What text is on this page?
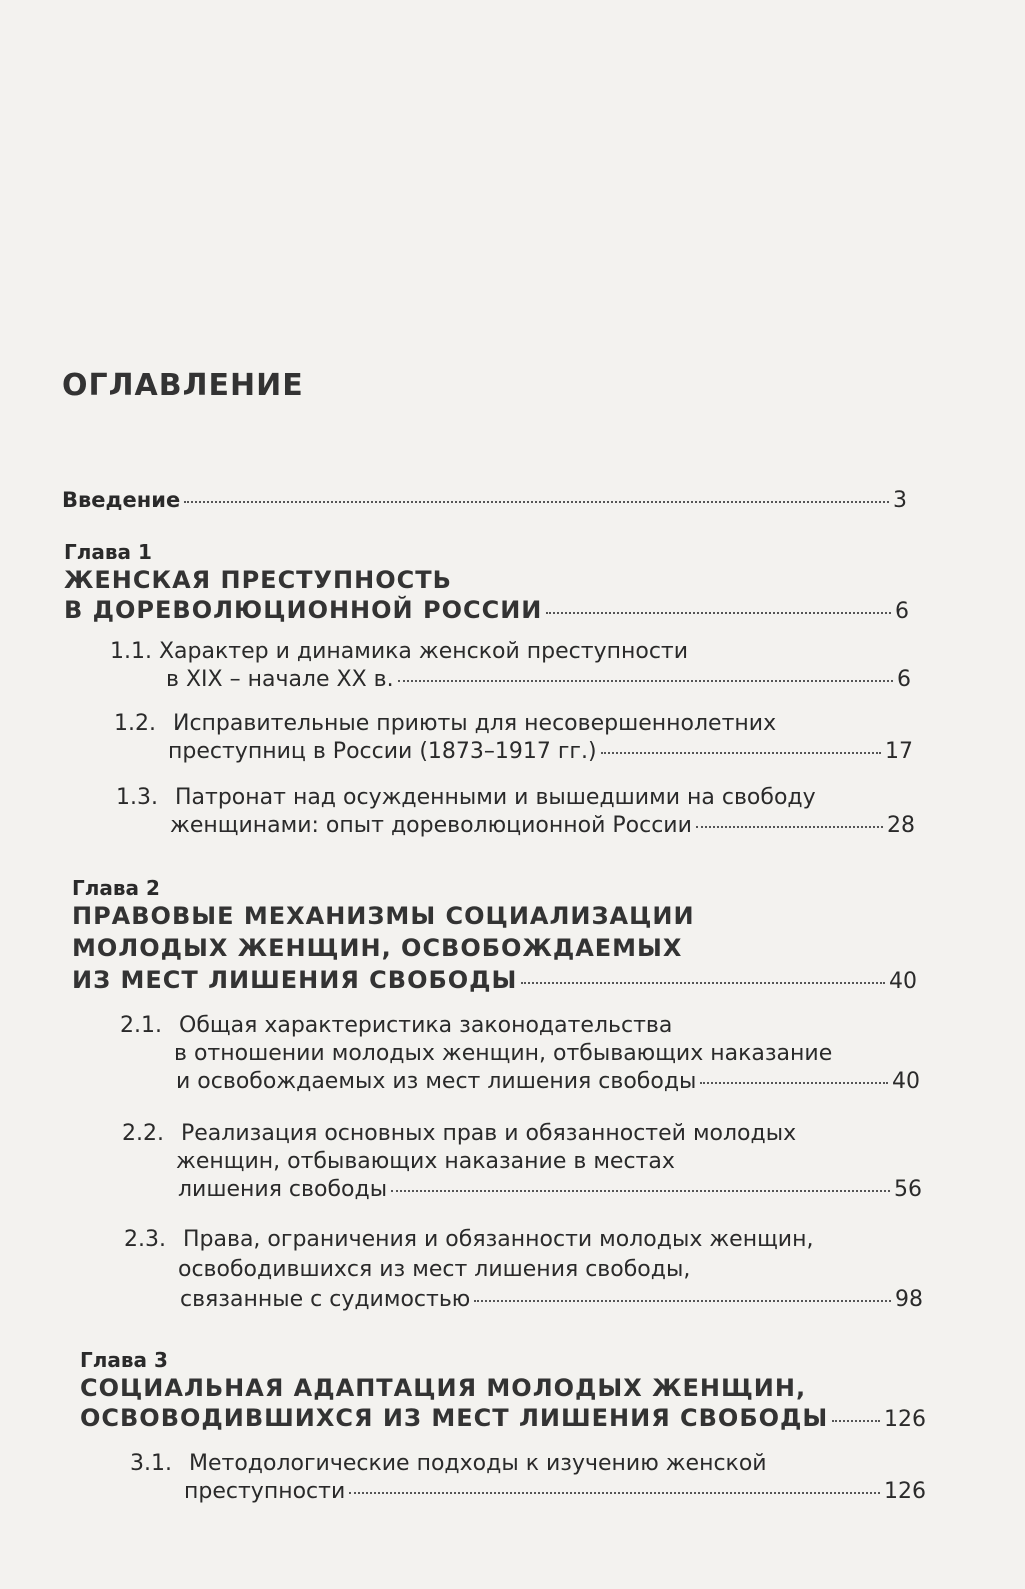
ОГЛАВЛЕНИЕ
Введение	3
Глава 1
ЖЕНСКАЯ ПРЕСТУПНОСТЬ
В ДОРЕВОЛЮЦИОННОЙ РОССИИ	6
1.1. Характер и динамика женской преступности
в XIX – начале XX в.	6
1.2. Исправительные приюты для несовершеннолетних
преступниц в России (1873–1917 гг.)	17
1.3. Патронат над осужденными и вышедшими на свободу
женщинами: опыт дореволюционной России	28
Глава 2
ПРАВОВЫЕ МЕХАНИЗМЫ СОЦИАЛИЗАЦИИ
МОЛОДЫХ ЖЕНЩИН, ОСВОБОЖДАЕМЫХ
ИЗ МЕСТ ЛИШЕНИЯ СВОБОДЫ	40
2.1. Общая характеристика законодательства
в отношении молодых женщин, отбывающих наказание
и освобождаемых из мест лишения свободы	40
2.2. Реализация основных прав и обязанностей молодых
женщин, отбывающих наказание в местах
лишения свободы	56
2.3. Права, ограничения и обязанности молодых женщин,
освободившихся из мест лишения свободы,
связанные с судимостью	98
Глава 3
СОЦИАЛЬНАЯ АДАПТАЦИЯ МОЛОДЫХ ЖЕНЩИН,
ОСВОВОДИВШИХСЯ ИЗ МЕСТ ЛИШЕНИЯ СВОБОДЫ	126
3.1. Методологические подходы к изучению женской
преступности	126
